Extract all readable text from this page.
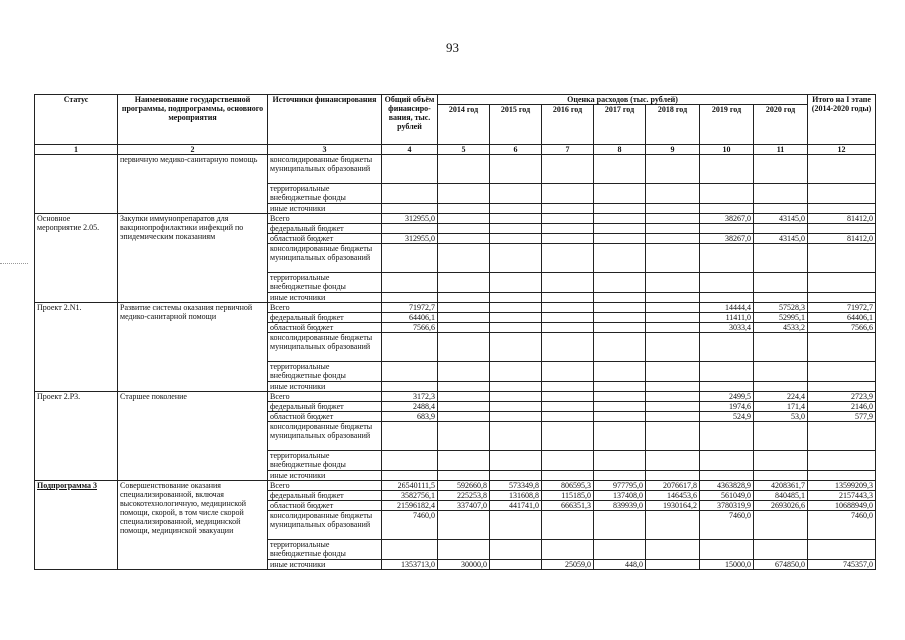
93
Статус	Наименование государственной программы, подпрограммы, основного мероприятия	Источники финансирования	Общий объём финансиро-вания, тыс. рублей	Оценка расходов (тыс. рублей)							Итого на I этапе (2014-2020 годы)
				2014 год	2015 год	2016 год	2017 год	2018 год	2019 год	2020 год	
1	2	3	4	5	6	7	8	9	10	11	12
	первичную медико-санитарную помощь	консолидированные бюджеты муниципальных образований									
		территориальные внебюджетные фонды									
		иные источники									
Основное мероприятие 2.05.	Закупки иммунопрепаратов для вакцинопрофилактики инфекций по эпидемическим показаниям	Всего	312955,0						38267,0	43145,0	81412,0
		федеральный бюджет									
		областной бюджет	312955,0						38267,0	43145,0	81412,0
		консолидированные бюджеты муниципальных образований									
		территориальные внебюджетные фонды									
		иные источники									
Проект 2.N1.	Развитие системы оказания первичной медико-санитарной помощи	Всего	71972,7						14444,4	57528,3	71972,7
		федеральный бюджет	64406,1						11411,0	52995,1	64406,1
		областной бюджет	7566,6						3033,4	4533,2	7566,6
		консолидированные бюджеты муниципальных образований									
		территориальные внебюджетные фонды									
		иные источники									
Проект 2.P3.	Старшее поколение	Всего	3172,3						2499,5	224,4	2723,9
		федеральный бюджет	2488,4						1974,6	171,4	2146,0
		областной бюджет	683,9						524,9	53,0	577,9
		консолидированные бюджеты муниципальных образований									
		территориальные внебюджетные фонды									
		иные источники									
Подпрограмма 3	Совершенствование оказания специализированной, включая высокотехнологичную, медицинской помощи, скорой, в том числе скорой специализированной, медицинской помощи, медицинской эвакуации	Всего	26540111,5	592660,8	573349,8	806595,3	977795,0	2076617,8	4363828,9	4208361,7	13599209,3
		федеральный бюджет	3582756,1	225253,8	131608,8	115185,0	137408,0	146453,6	561049,0	840485,1	2157443,3
		областной бюджет	21596182,4	337407,0	441741,0	666351,3	839939,0	1930164,2	3780319,9	2693026,6	10688949,0
		консолидированные бюджеты муниципальных образований	7460,0						7460,0		7460,0
		территориальные внебюджетные фонды									
		иные источники	1353713,0	30000,0		25059,0	448,0		15000,0	674850,0	745357,0
